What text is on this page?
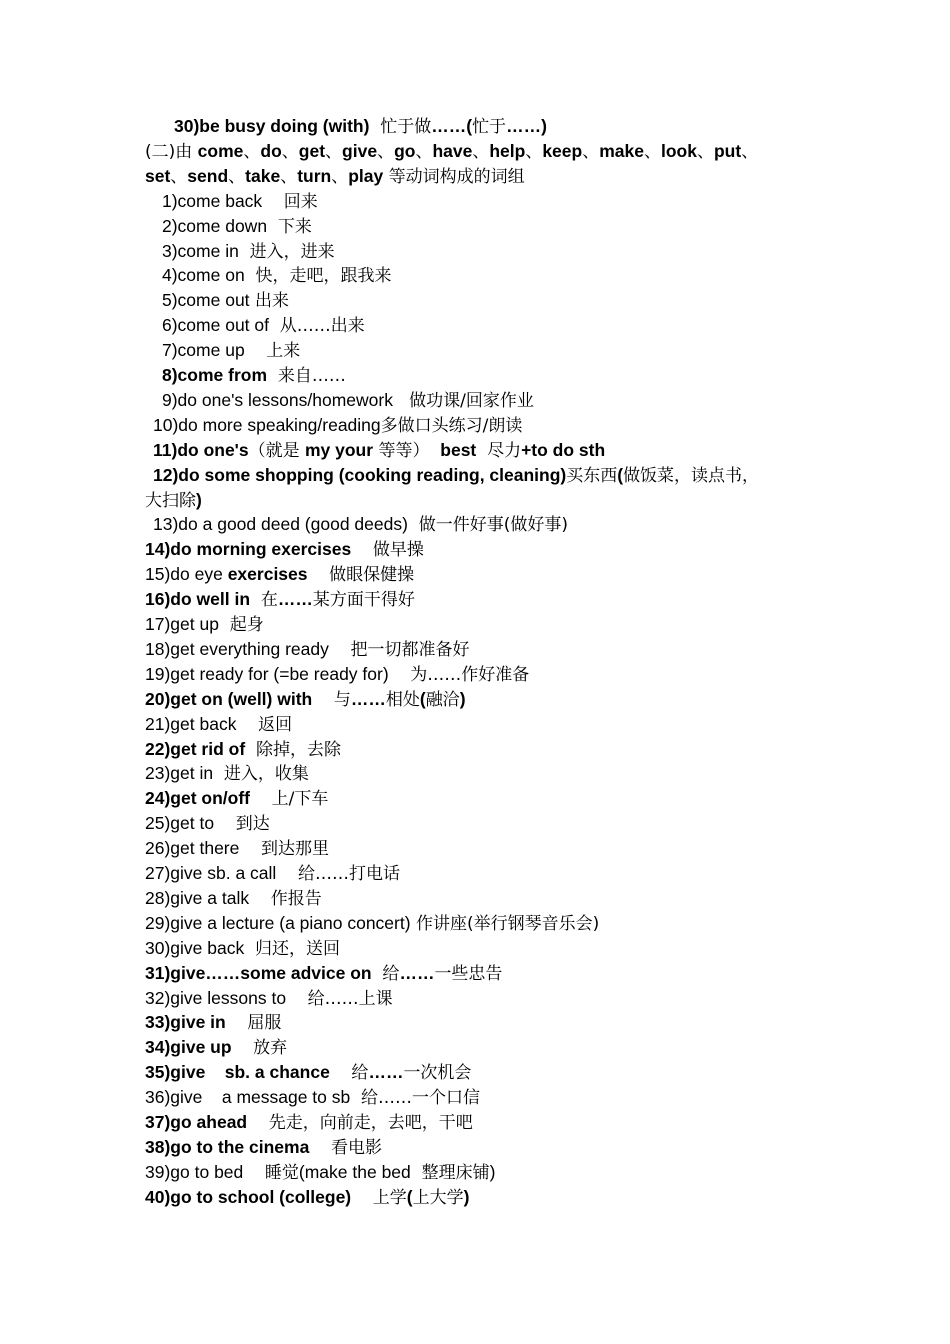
30)be busy doing (with)  忙于做……(忙于……)
(二)由 come、do、get、give、go、have、help、keep、make、look、put、
set、send、take、turn、play 等动词构成的词组
1)come back    回来
2)come down  下来
3)come in  进入，进来
4)come on  快，走吧，跟我来
5)come out 出来
6)come out of  从……出来
7)come up    上来
8)come from  来自……
9)do one's lessons/homework   做功课/回家作业
10)do more speaking/reading多做口头练习/朗读
11)do one's（就是 my your 等等）  best  尽力+to do sth
12)do some shopping (cooking reading, cleaning)买东西(做饭菜，读点书，
大扫除)
13)do a good deed (good deeds)  做一件好事(做好事)
14)do morning exercises    做早操
15)do eye exercises    做眼保健操
16)do well in  在……某方面干得好
17)get up  起身
18)get everything ready    把一切都准备好
19)get ready for (=be ready for)    为……作好准备
20)get on (well) with    与……相处(融洽)
21)get back    返回
22)get rid of  除掉，去除
23)get in  进入，收集
24)get on/off    上/下车
25)get to    到达
26)get there    到达那里
27)give sb. a call    给……打电话
28)give a talk    作报告
29)give a lecture (a piano concert) 作讲座(举行钢琴音乐会)
30)give back  归还，送回
31)give……some advice on  给……一些忠告
32)give lessons to    给……上课
33)give in    屈服
34)give up    放弃
35)give    sb. a chance    给……一次机会
36)give    a message to sb  给……一个口信
37)go ahead    先走，向前走，去吧，干吧
38)go to the cinema    看电影
39)go to bed    睡觉(make the bed  整理床铺)
40)go to school (college)    上学(上大学)
